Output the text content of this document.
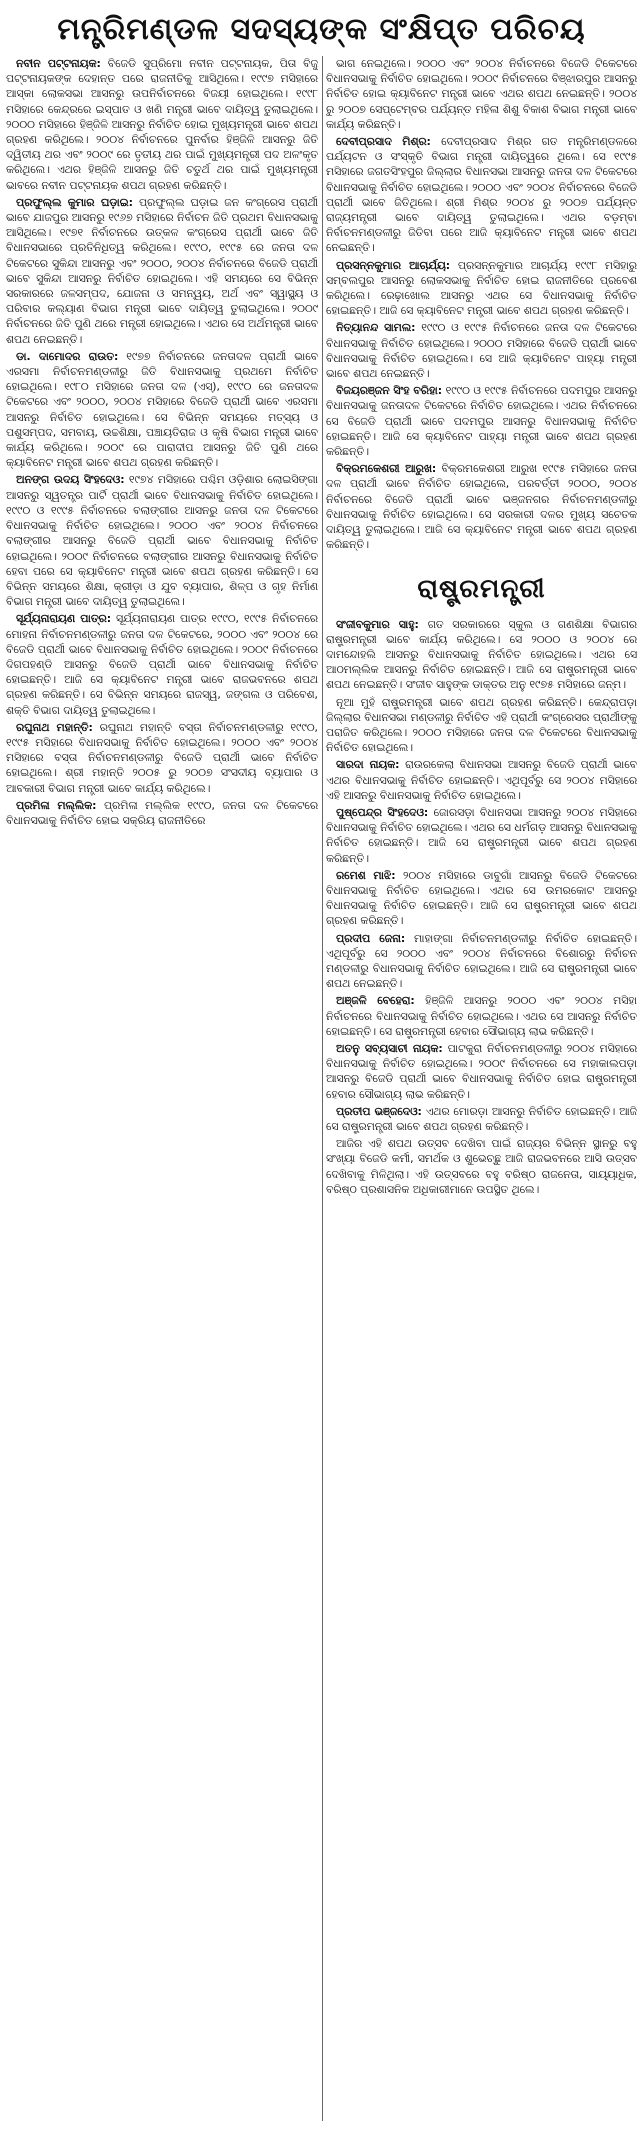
ମନ୍ତ୍ରିମଣ୍ଡଳ ସଦସ୍ୟଙ୍କ ସଂକ୍ଷିପ୍ତ ପରିଚୟ

ନବୀନ ପଟ୍ଟନାୟକ: ବିଜେଡି ସୁପ୍ରିମୋ ନବୀନ ପଟ୍ଟନାୟକ, ପିତା ବିଜୁ ପଟ୍ଟନାୟକଙ୍କ ଦେହାନ୍ତ ପରେ ରାଜନୀତିକୁ ଆସିଥିଲେ। ୧୯୯୭ ମସିହାରେ ଆସ୍କା ଲୋକସଭା ଆସନରୁ ଉପନିର୍ବାଚନରେ ବିଜୟୀ ହୋଇଥିଲେ। ୧୯୯୮ ମସିହାରେ କେନ୍ଦ୍ରରେ ଇସ୍ପାତ ଓ ଖଣି ମନ୍ତ୍ରୀ ଭାବେ ଦାୟିତ୍ୱ ତୁଲାଇଥିଲେ। ୨୦୦୦ ମସିହାରେ ହିଞ୍ଜିଳି ଆସନରୁ ନିର୍ବାଚିତ ହୋଇ ମୁଖ୍ୟମନ୍ତ୍ରୀ ଭାବେ ଶପଥ ଗ୍ରହଣ କରିଥିଲେ। ୨୦୦୪ ନିର୍ବାଚନରେ ପୁନର୍ବାର ହିଞ୍ଜିଳି ଆସନରୁ ଜିତି ଦ୍ୱିତୀୟ ଥର ଏବଂ ୨୦୦୯ ରେ ତୃତୀୟ ଥର ପାଇଁ ମୁଖ୍ୟମନ୍ତ୍ରୀ ପଦ ଅଳଂକୃତ କରିଥିଲେ। ଏଥର ହିଞ୍ଜିଳି ଆସନରୁ ଜିତି ଚତୁର୍ଥ ଥର ପାଇଁ ମୁଖ୍ୟମନ୍ତ୍ରୀ ଭାବରେ ନବୀନ ପଟ୍ଟନାୟକ ଶପଥ ଗ୍ରହଣ କରିଛନ୍ତି।

ପ୍ରଫୁଲ୍ଲ କୁମାର ଘଡ଼ାଇ: ପ୍ରଫୁଲ୍ଲ ଘଡ଼ାଇ ଜନ କଂଗ୍ରେସ ପ୍ରାର୍ଥୀ ଭାବେ ଯାଜପୁର ଆସନରୁ ୧୯୬୭ ମସିହାରେ ନିର୍ବାଚନ ଜିତି ପ୍ରଥମ ବିଧାନସଭାକୁ ଆସିଥିଲେ। ୧୯୭୧ ନିର୍ବାଚନରେ ଉତ୍କଳ କଂଗ୍ରେସ ପ୍ରାର୍ଥୀ ଭାବେ ଜିତି ବିଧାନସଭାରେ ପ୍ରତିନିଧିତ୍ୱ କରିଥିଲେ। ୧୯୯୦, ୧୯୯୫ ରେ ଜନତା ଦଳ ଟିକେଟରେ ସୁକିନ୍ଦା ଆସନରୁ ଏବଂ ୨୦୦୦, ୨୦୦୪ ନିର୍ବାଚନରେ ବିଜେଡି ପ୍ରାର୍ଥୀ ଭାବେ ସୁକିନ୍ଦା ଆସନରୁ ନିର୍ବାଚିତ ହୋଇଥିଲେ। ଏହି ସମୟରେ ସେ ବିଭିନ୍ନ ସରକାରରେ ଜଳସମ୍ପଦ, ଯୋଜନା ଓ ସମନ୍ୱୟ, ଅର୍ଥ ଏବଂ ସ୍ୱାସ୍ଥ୍ୟ ଓ ପରିବାର କଲ୍ୟାଣ ବିଭାଗ ମନ୍ତ୍ରୀ ଭାବେ ଦାୟିତ୍ୱ ତୁଲାଇଥିଲେ। ୨୦୦୯ ନିର୍ବାଚନରେ ଜିତି ପୁଣି ଥରେ ମନ୍ତ୍ରୀ ହୋଇଥିଲେ। ଏଥର ସେ ଅର୍ଥମନ୍ତ୍ରୀ ଭାବେ ଶପଥ ନେଇଛନ୍ତି।

ଡା. ଦାମୋଦର ରାଉତ: ୧୯୭୭ ନିର୍ବାଚନରେ ଜନତାଦଳ ପ୍ରାର୍ଥୀ ଭାବେ ଏରସମା ନିର୍ବାଚନମଣ୍ଡଳୀରୁ ଜିତି ବିଧାନସଭାକୁ ପ୍ରଥମେ ନିର୍ବାଚିତ ହୋଇଥିଲେ। ୧୯୮୦ ମସିହାରେ ଜନତା ଦଳ (ଏସ୍), ୧୯୯୦ ରେ ଜନତାଦଳ ଟିକେଟରେ ଏବଂ ୨୦୦୦, ୨୦୦୪ ମସିହାରେ ବିଜେଡି ପ୍ରାର୍ଥୀ ଭାବେ ଏରସମା ଆସନରୁ ନିର୍ବାଚିତ ହୋଇଥିଲେ। ସେ ବିଭିନ୍ନ ସମୟରେ ମତ୍ସ୍ୟ ଓ ପଶୁସମ୍ପଦ, ସମବାୟ, ଉଚ୍ଚଶିକ୍ଷା, ପଞ୍ଚାୟତିରାଜ ଓ କୃଷି ବିଭାଗ ମନ୍ତ୍ରୀ ଭାବେ କାର୍ଯ୍ୟ କରିଥିଲେ। ୨୦୦୯ ରେ ପାରାଦୀପ ଆସନରୁ ଜିତି ପୁଣି ଥରେ କ୍ୟାବିନେଟ ମନ୍ତ୍ରୀ ଭାବେ ଶପଥ ଗ୍ରହଣ କରିଛନ୍ତି।

ଅନଙ୍ଗ ଉଦୟ ସିଂହଦେଓ: ୧୯୭୪ ମସିହାରେ ପଶ୍ଚିମ ଓଡ଼ିଶାର ଲୋଇସିଙ୍ଗା ଆସନରୁ ସ୍ୱତନ୍ତ୍ର ପାର୍ଟି ପ୍ରାର୍ଥୀ ଭାବେ ବିଧାନସଭାକୁ ନିର୍ବାଚିତ ହୋଇଥିଲେ। ୧୯୯୦ ଓ ୧୯୯୫ ନିର୍ବାଚନରେ ବଲାଙ୍ଗୀର ଆସନରୁ ଜନତା ଦଳ ଟିକେଟରେ ବିଧାନସଭାକୁ ନିର୍ବାଚିତ ହୋଇଥିଲେ। ୨୦୦୦ ଏବଂ ୨୦୦୪ ନିର୍ବାଚନରେ ବଲାଙ୍ଗୀର ଆସନରୁ ବିଜେଡି ପ୍ରାର୍ଥୀ ଭାବେ ବିଧାନସଭାକୁ ନିର୍ବାଚିତ ହୋଇଥିଲେ। ୨୦୦୯ ନିର୍ବାଚନରେ ବଲାଙ୍ଗୀର ଆସନରୁ ବିଧାନସଭାକୁ ନିର୍ବାଚିତ ହେବା ପରେ ସେ କ୍ୟାବିନେଟ ମନ୍ତ୍ରୀ ଭାବେ ଶପଥ ଗ୍ରହଣ କରିଛନ୍ତି। ସେ ବିଭିନ୍ନ ସମୟରେ ଶିକ୍ଷା, କ୍ରୀଡ଼ା ଓ ଯୁବ ବ୍ୟାପାର, ଶିଳ୍ପ ଓ ଗୃହ ନିର୍ମାଣ ବିଭାଗ ମନ୍ତ୍ରୀ ଭାବେ ଦାୟିତ୍ୱ ତୁଲାଇଥିଲେ।

ସୂର୍ଯ୍ୟନାରାୟଣ ପାତ୍ର: ସୂର୍ଯ୍ୟନାରାୟଣ ପାତ୍ର ୧୯୯୦, ୧୯୯୫ ନିର୍ବାଚନରେ ମୋହନା ନିର୍ବାଚନମଣ୍ଡଳୀରୁ ଜନତା ଦଳ ଟିକେଟରେ, ୨୦୦୦ ଏବଂ ୨୦୦୪ ରେ ବିଜେଡି ପ୍ରାର୍ଥୀ ଭାବେ ବିଧାନସଭାକୁ ନିର୍ବାଚିତ ହୋଇଥିଲେ। ୨୦୦୯ ନିର୍ବାଚନରେ ଦିଗପହଣ୍ଡି ଆସନରୁ ବିଜେଡି ପ୍ରାର୍ଥୀ ଭାବେ ବିଧାନସଭାକୁ ନିର୍ବାଚିତ ହୋଇଛନ୍ତି। ଆଜି ସେ କ୍ୟାବିନେଟ ମନ୍ତ୍ରୀ ଭାବେ ରାଜଭବନରେ ଶପଥ ଗ୍ରହଣ କରିଛନ୍ତି। ସେ ବିଭିନ୍ନ ସମୟରେ ରାଜସ୍ୱ, ଜଙ୍ଗଲ ଓ ପରିବେଶ, ଶକ୍ତି ବିଭାଗ ଦାୟିତ୍ୱ ତୁଲାଇଥିଲେ।

ରଘୁନାଥ ମହାନ୍ତି: ରଘୁନାଥ ମହାନ୍ତି ବସ୍ତା ନିର୍ବାଚନମଣ୍ଡଳୀରୁ ୧୯୯୦, ୧୯୯୫ ମସିହାରେ ବିଧାନସଭାକୁ ନିର୍ବାଚିତ ହୋଇଥିଲେ। ୨୦୦୦ ଏବଂ ୨୦୦୪ ମସିହାରେ ବସ୍ତା ନିର୍ବାଚନମଣ୍ଡଳୀରୁ ବିଜେଡି ପ୍ରାର୍ଥୀ ଭାବେ ନିର୍ବାଚିତ ହୋଇଥିଲେ। ଶ୍ରୀ ମହାନ୍ତି ୨୦୦୫ ରୁ ୨୦୦୭ ସଂସଦୀୟ ବ୍ୟାପାର ଓ ଆବକାରୀ ବିଭାଗ ମନ୍ତ୍ରୀ ଭାବେ କାର୍ଯ୍ୟ କରିଥିଲେ।

ପ୍ରମିଳା ମଲ୍ଲିକ: ପ୍ରମିଳା ମଲ୍ଲିକ ୧୯୯୦, ଜନତା ଦଳ ଟିକେଟରେ ବିଧାନସଭାକୁ ନିର୍ବାଚିତ ହୋଇ ସକ୍ରିୟ ରାଜନୀତିରେ

ଭାଗ ନେଇଥିଲେ। ୨୦୦୦ ଏବଂ ୨୦୦୪ ନିର୍ବାଚନରେ ବିଜେଡି ଟିକେଟରେ ବିଧାନସଭାକୁ ନିର୍ବାଚିତ ହୋଇଥିଲେ। ୨୦୦୯ ନିର୍ବାଚନରେ ବିଞ୍ଝାରପୁର ଆସନରୁ ନିର୍ବାଚିତ ହୋଇ କ୍ୟାବିନେଟ ମନ୍ତ୍ରୀ ଭାବେ ଏଥର ଶପଥ ନେଇଛନ୍ତି। ୨୦୦୪ ରୁ ୨୦୦୭ ସେପ୍ଟେମ୍ବର ପର୍ଯ୍ୟନ୍ତ ମହିଳା ଶିଶୁ ବିକାଶ ବିଭାଗ ମନ୍ତ୍ରୀ ଭାବେ କାର୍ଯ୍ୟ କରିଛନ୍ତି।

ଦେବୀପ୍ରସାଦ ମିଶ୍ର: ଦେବୀପ୍ରସାଦ ମିଶ୍ର ଗତ ମନ୍ତ୍ରିମଣ୍ଡଳରେ ପର୍ଯ୍ୟଟନ ଓ ସଂସ୍କୃତି ବିଭାଗ ମନ୍ତ୍ରୀ ଦାୟିତ୍ୱରେ ଥିଲେ। ସେ ୧୯୯୫ ମସିହାରେ ଜଗତସିଂହପୁର ଜିଲ୍ଲାର ବିଧାନସଭା ଆସନରୁ ଜନତା ଦଳ ଟିକେଟରେ ବିଧାନସଭାକୁ ନିର୍ବାଚିତ ହୋଇଥିଲେ। ୨୦୦୦ ଏବଂ ୨୦୦୪ ନିର୍ବାଚନରେ ବିଜେଡି ପ୍ରାର୍ଥୀ ଭାବେ ଜିତିଥିଲେ। ଶ୍ରୀ ମିଶ୍ର ୨୦୦୪ ରୁ ୨୦୦୭ ପର୍ଯ୍ୟନ୍ତ ରାଜ୍ୟମନ୍ତ୍ରୀ ଭାବେ ଦାୟିତ୍ୱ ତୁଲାଇଥିଲେ। ଏଥର ବଡ଼ମ୍ବା ନିର୍ବାଚନମଣ୍ଡଳୀରୁ ଜିତିବା ପରେ ଆଜି କ୍ୟାବିନେଟ ମନ୍ତ୍ରୀ ଭାବେ ଶପଥ ନେଇଛନ୍ତି।

ପ୍ରସନ୍ନକୁମାର ଆଚାର୍ଯ୍ୟ: ପ୍ରସନ୍ନକୁମାର ଆଚାର୍ଯ୍ୟ ୧୯୯୮ ମସିହାରୁ ସମ୍ବଲପୁର ଆସନରୁ ଲୋକସଭାକୁ ନିର୍ବାଚିତ ହୋଇ ରାଜନୀତିରେ ପ୍ରବେଶ କରିଥିଲେ। ରେଢ଼ାଖୋଲ ଆସନରୁ ଏଥର ସେ ବିଧାନସଭାକୁ ନିର୍ବାଚିତ ହୋଇଛନ୍ତି। ଆଜି ସେ କ୍ୟାବିନେଟ ମନ୍ତ୍ରୀ ଭାବେ ଶପଥ ଗ୍ରହଣ କରିଛନ୍ତି।

ନିତ୍ୟାନନ୍ଦ ସାମଲ: ୧୯୯୦ ଓ ୧୯୯୫ ନିର୍ବାଚନରେ ଜନତା ଦଳ ଟିକେଟରେ ବିଧାନସଭାକୁ ନିର୍ବାଚିତ ହୋଇଥିଲେ। ୨୦୦୦ ମସିହାରେ ବିଜେଡି ପ୍ରାର୍ଥୀ ଭାବେ ବିଧାନସଭାକୁ ନିର୍ବାଚିତ ହୋଇଥିଲେ। ସେ ଆଜି କ୍ୟାବିନେଟ ପାହ୍ୟା ମନ୍ତ୍ରୀ ଭାବେ ଶପଥ ନେଇଛନ୍ତି।

ବିଜୟରଞ୍ଜନ ସିଂହ ବରିହା: ୧୯୯୦ ଓ ୧୯୯୫ ନିର୍ବାଚନରେ ପଦମପୁର ଆସନରୁ ବିଧାନସଭାକୁ ଜନତାଦଳ ଟିକେଟରେ ନିର୍ବାଚିତ ହୋଇଥିଲେ। ଏଥର ନିର୍ବାଚନରେ ସେ ବିଜେଡି ପ୍ରାର୍ଥୀ ଭାବେ ପଦମପୁର ଆସନରୁ ବିଧାନସଭାକୁ ନିର୍ବାଚିତ ହୋଇଛନ୍ତି। ଆଜି ସେ କ୍ୟାବିନେଟ ପାହ୍ୟା ମନ୍ତ୍ରୀ ଭାବେ ଶପଥ ଗ୍ରହଣ କରିଛନ୍ତି।

ବିକ୍ରମକେଶରୀ ଆରୁଖ: ବିକ୍ରମକେଶରୀ ଆରୁଖ ୧୯୯୫ ମସିହାରେ ଜନତା ଦଳ ପ୍ରାର୍ଥୀ ଭାବେ ନିର୍ବାଚିତ ହୋଇଥିଲେ, ପରବର୍ତ୍ତୀ ୨୦୦୦, ୨୦୦୪ ନିର୍ବାଚନରେ ବିଜେଡି ପ୍ରାର୍ଥୀ ଭାବେ ଭଞ୍ଜନଗର ନିର୍ବାଚନମଣ୍ଡଳୀରୁ ବିଧାନସଭାକୁ ନିର୍ବାଚିତ ହୋଇଥିଲେ। ସେ ସରକାରୀ ଦଳର ମୁଖ୍ୟ ସଚେତକ ଦାୟିତ୍ୱ ତୁଲାଇଥିଲେ। ଆଜି ସେ କ୍ୟାବିନେଟ ମନ୍ତ୍ରୀ ଭାବେ ଶପଥ ଗ୍ରହଣ କରିଛନ୍ତି।

ରାଷ୍ଟ୍ରମନ୍ତ୍ରୀ

ସଂଜୀବକୁମାର ସାହୁ: ଗତ ସରକାରରେ ସ୍କୁଲ ଓ ଗଣଶିକ୍ଷା ବିଭାଗର ରାଷ୍ଟ୍ରମନ୍ତ୍ରୀ ଭାବେ କାର୍ଯ୍ୟ କରିଥିଲେ। ସେ ୨୦୦୦ ଓ ୨୦୦୪ ରେ ଦାମନ୍ଦୋହଲି ଆସନରୁ ବିଧାନସଭାକୁ ନିର୍ବାଚିତ ହୋଇଥିଲେ। ଏଥର ସେ ଆଠମଲ୍ଲିକ ଆସନରୁ ନିର୍ବାଚିତ ହୋଇଛନ୍ତି। ଆଜି ସେ ରାଷ୍ଟ୍ରମନ୍ତ୍ରୀ ଭାବେ ଶପଥ ନେଇଛନ୍ତି। ସଂଜୀବ ସାହୁଙ୍କ ଡାକ୍ତର ଅନୁ ୧୯୭୫ ମସିହାରେ ଜନ୍ମ।

ନୂଆ ମୁହଁ ରାଷ୍ଟ୍ରମନ୍ତ୍ରୀ ଭାବେ ଶପଥ ଗ୍ରହଣ କରିଛନ୍ତି। କେନ୍ଦ୍ରାପଡ଼ା ଜିଲ୍ଲାର ବିଧାନସଭା ମଣ୍ଡଳୀରୁ ନିର୍ବାଚିତ ଏହି ପ୍ରାର୍ଥୀ କଂଗ୍ରେସର ପ୍ରାର୍ଥୀଙ୍କୁ ପରାଜିତ କରିଥିଲେ। ୨୦୦୦ ମସିହାରେ ଜନତା ଦଳ ଟିକେଟରେ ବିଧାନସଭାକୁ ନିର୍ବାଚିତ ହୋଇଥିଲେ।

ସାରଦା ନାୟକ: ରାଉରକେଲା ବିଧାନସଭା ଆସନରୁ ବିଜେଡି ପ୍ରାର୍ଥୀ ଭାବେ ଏଥର ବିଧାନସଭାକୁ ନିର୍ବାଚିତ ହୋଇଛନ୍ତି। ଏଥିପୂର୍ବରୁ ସେ ୨୦୦୪ ମସିହାରେ ଏହି ଆସନରୁ ବିଧାନସଭାକୁ ନିର୍ବାଚିତ ହୋଇଥିଲେ।

ପୁଷ୍ପେନ୍ଦ୍ର ସିଂହଦେଓ: ଜୋରସଡ଼ା ବିଧାନସଭା ଆସନରୁ ୨୦୦୪ ମସିହାରେ ବିଧାନସଭାକୁ ନିର୍ବାଚିତ ହୋଇଥିଲେ। ଏଥର ସେ ଧର୍ମଗଡ଼ ଆସନରୁ ବିଧାନସଭାକୁ ନିର୍ବାଚିତ ହୋଇଛନ୍ତି। ଆଜି ସେ ରାଷ୍ଟ୍ରମନ୍ତ୍ରୀ ଭାବେ ଶପଥ ଗ୍ରହଣ କରିଛନ୍ତି।

ରମେଶ ମାଝି: ୨୦୦୪ ମସିହାରେ ଡାବୁଗାଁ ଆସନରୁ ବିଜେଡି ଟିକେଟରେ ବିଧାନସଭାକୁ ନିର୍ବାଚିତ ହୋଇଥିଲେ। ଏଥର ସେ ଉମରକୋଟ ଆସନରୁ ବିଧାନସଭାକୁ ନିର୍ବାଚିତ ହୋଇଛନ୍ତି। ଆଜି ସେ ରାଷ୍ଟ୍ରମନ୍ତ୍ରୀ ଭାବେ ଶପଥ ଗ୍ରହଣ କରିଛନ୍ତି।

ପ୍ରଦୀପ ଜେନା: ମାହାଙ୍ଗା ନିର୍ବାଚନମଣ୍ଡଳୀରୁ ନିର୍ବାଚିତ ହୋଇଛନ୍ତି। ଏଥିପୂର୍ବରୁ ସେ ୨୦୦୦ ଏବଂ ୨୦୦୪ ନିର୍ବାଚନରେ ବିଶୋରରୁ ନିର୍ବାଚନ ମଣ୍ଡଳୀରୁ ବିଧାନସଭାକୁ ନିର୍ବାଚିତ ହୋଇଥିଲେ। ଆଜି ସେ ରାଷ୍ଟ୍ରମନ୍ତ୍ରୀ ଭାବେ ଶପଥ ନେଇଛନ୍ତି।

ଅଞ୍ଜଳି ବେହେରା: ହିଞ୍ଜିଳି ଆସନରୁ ୨୦୦୦ ଏବଂ ୨୦୦୪ ମସିହା ନିର୍ବାଚନରେ ବିଧାନସଭାକୁ ନିର୍ବାଚିତ ହୋଇଥିଲେ। ଏଥର ସେ ଆସନରୁ ନିର୍ବାଚିତ ହୋଇଛନ୍ତି। ସେ ରାଷ୍ଟ୍ରମନ୍ତ୍ରୀ ହେବାର ସୌଭାଗ୍ୟ ଲାଭ କରିଛନ୍ତି।

ଅତନୁ ସବ୍ୟସାଚୀ ନାୟକ: ପାଟକୁରା ନିର୍ବାଚନମଣ୍ଡଳୀରୁ ୨୦୦୪ ମସିହାରେ ବିଧାନସଭାକୁ ନିର୍ବାଚିତ ହୋଇଥିଲେ। ୨୦୦୯ ନିର୍ବାଚନରେ ସେ ମହାକାଲପଡ଼ା ଆସନରୁ ବିଜେଡି ପ୍ରାର୍ଥୀ ଭାବେ ବିଧାନସଭାକୁ ନିର୍ବାଚିତ ହୋଇ ରାଷ୍ଟ୍ରମନ୍ତ୍ରୀ ହେବାର ସୌଭାଗ୍ୟ ଲାଭ କରିଛନ୍ତି।

ପ୍ରତୀପ ଭଞ୍ଜଦେଓ: ଏଥର ମୋରଡ଼ା ଆସନରୁ ନିର୍ବାଚିତ ହୋଇଛନ୍ତି। ଆଜି ସେ ରାଷ୍ଟ୍ରମନ୍ତ୍ରୀ ଭାବେ ଶପଥ ଗ୍ରହଣ କରିଛନ୍ତି।

ଆଜିର ଏହି ଶପଥ ଉତ୍ସବ ଦେଖିବା ପାଇଁ ରାଜ୍ୟର ବିଭିନ୍ନ ସ୍ଥାନରୁ ବହୁ ସଂଖ୍ୟା ବିଜେଡି କର୍ମୀ, ସମର୍ଥକ ଓ ଶୁଭେଚ୍ଛୁ ଆଜି ରାଜଭବନରେ ଆସି ଉତ୍ସବ ଦେଖିବାକୁ ମିଳିଥିଲା। ଏହି ଉତ୍ସବରେ ବହୁ ବରିଷ୍ଠ ରାଜନେତା, ସାୟ୍ୟାଧିକ, ବରିଷ୍ଠ ପ୍ରଶାସନିକ ଅଧିକାରୀମାନେ ଉପସ୍ଥିତ ଥିଲେ।
